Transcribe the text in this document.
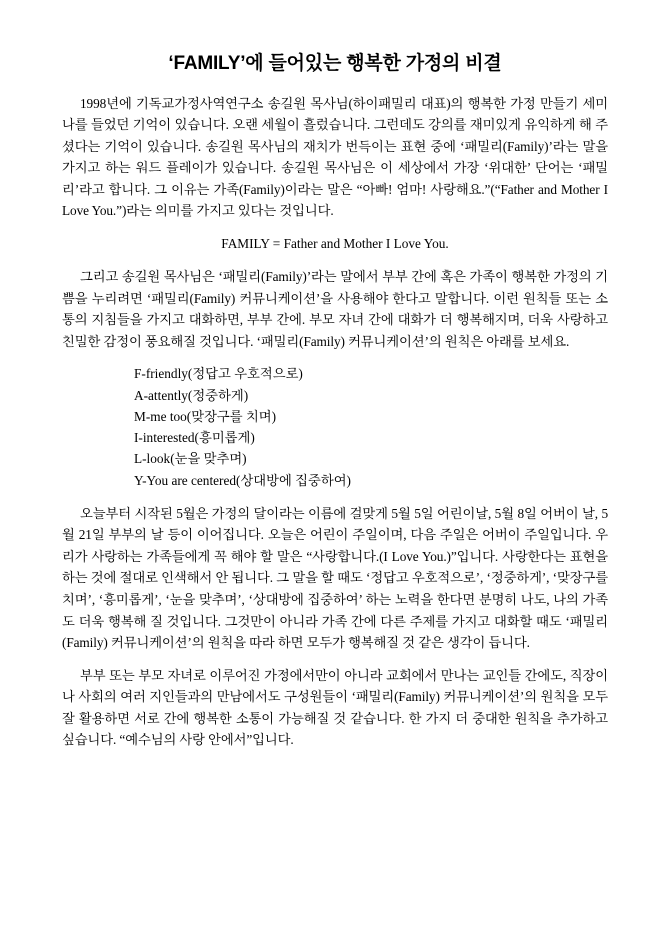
‘FAMILY’에 들어있는 행복한 가정의 비결

1998년에 기독교가정사역연구소 송길원 목사님(하이패밀리 대표)의 행복한 가정 만들기 세미나를 들었던 기억이 있습니다. 오랜 세월이 흘렀습니다. 그런데도 강의를 재미있게 유익하게 해 주셨다는 기억이 있습니다. 송길원 목사님의 재치가 번득이는 표현 중에 ‘패밀리(Family)’라는 말을 가지고 하는 워드 플레이가 있습니다. 송길원 목사님은 이 세상에서 가장 ‘위대한’ 단어는 ‘패밀리’라고 합니다. 그 이유는 가족(Family)이라는 말은 “아빠! 엄마! 사랑해요.”(“Father and Mother I Love You.”)라는 의미를 가지고 있다는 것입니다.

FAMILY = Father and Mother I Love You.

그리고 송길원 목사님은 ‘패밀리(Family)’라는 말에서 부부 간에 혹은 가족이 행복한 가정의 기쁨을 누리려면 ‘패밀리(Family) 커뮤니케이션’을 사용해야 한다고 말합니다. 이런 원칙들 또는 소통의 지침들을 가지고 대화하면, 부부 간에. 부모 자녀 간에 대화가 더 행복해지며, 더욱 사랑하고 친밀한 감정이 풍요해질 것입니다. ‘패밀리(Family) 커뮤니케이션’의 원칙은 아래를 보세요.

F-friendly(정답고 우호적으로)
A-attently(정중하게)
M-me too(맞장구를 치며)
I-interested(흥미롭게)
L-look(눈을 맞추며)
Y-You are centered(상대방에 집중하여)

오늘부터 시작된 5월은 가정의 달이라는 이름에 걸맞게 5월 5일 어린이날, 5월 8일 어버이 날, 5월 21일 부부의 날 등이 이어집니다. 오늘은 어린이 주일이며, 다음 주일은 어버이 주일입니다. 우리가 사랑하는 가족들에게 꼭 해야 할 말은 “사랑합니다.(I Love You.)”입니다. 사랑한다는 표현을 하는 것에 절대로 인색해서 안 됩니다. 그 말을 할 때도 ‘정답고 우호적으로’, ‘정중하게’, ‘맞장구를 치며’, ‘흥미롭게’, ‘눈을 맞추며’, ‘상대방에 집중하여’ 하는 노력을 한다면 분명히 나도, 나의 가족도 더욱 행복해 질 것입니다. 그것만이 아니라 가족 간에 다른 주제를 가지고 대화할 때도 ‘패밀리(Family) 커뮤니케이션’의 원칙을 따라 하면 모두가 행복해질 것 같은 생각이 듭니다.

부부 또는 부모 자녀로 이루어진 가정에서만이 아니라 교회에서 만나는 교인들 간에도, 직장이나 사회의 여러 지인들과의 만남에서도 구성원들이 ‘패밀리(Family) 커뮤니케이션’의 원칙을 모두 잘 활용하면 서로 간에 행복한 소통이 가능해질 것 같습니다. 한 가지 더 중대한 원칙을 추가하고 싶습니다. “예수님의 사랑 안에서”입니다.
